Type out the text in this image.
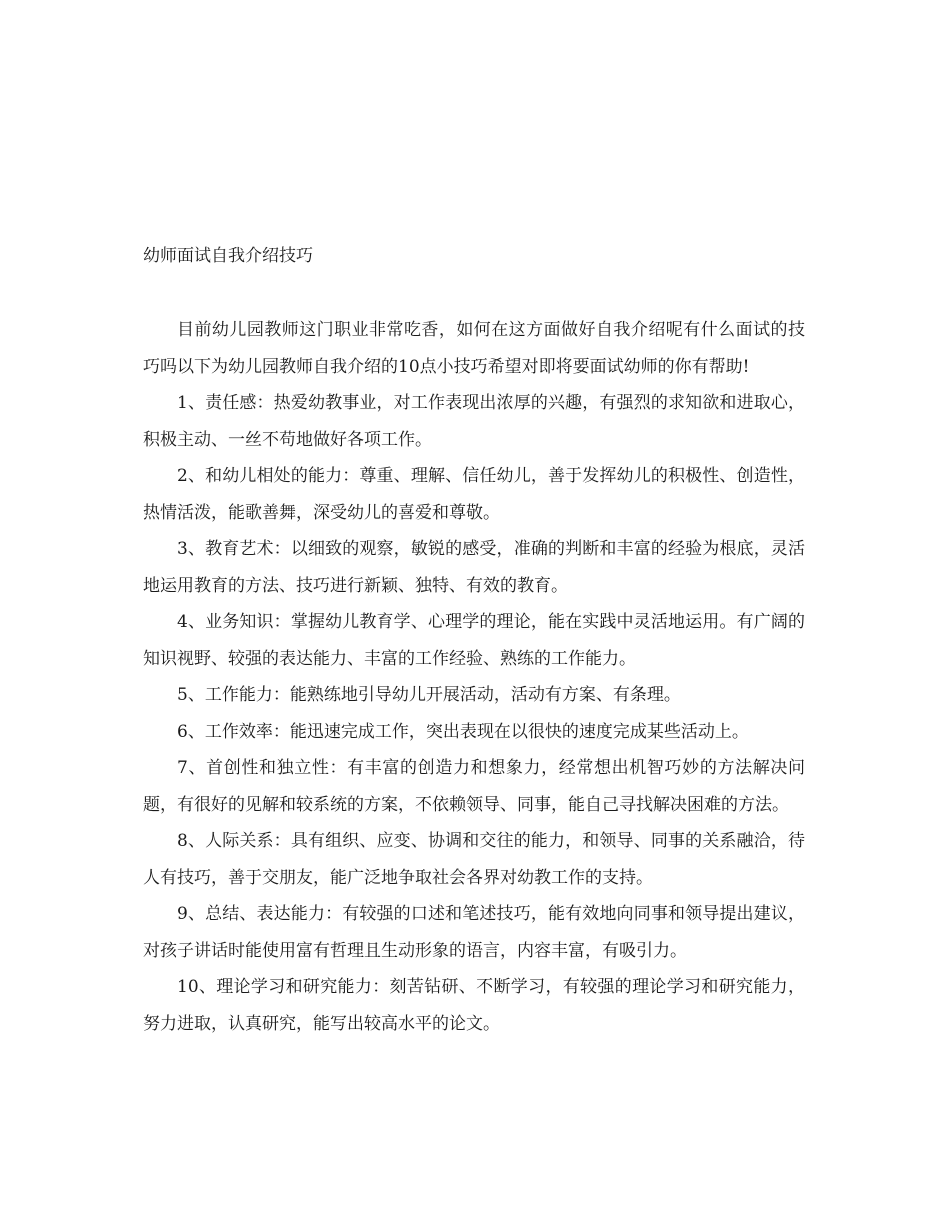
幼师面试自我介绍技巧

目前幼儿园教师这门职业非常吃香，如何在这方面做好自我介绍呢有什么面试的技巧吗以下为幼儿园教师自我介绍的10点小技巧希望对即将要面试幼师的你有帮助!

1、责任感：热爱幼教事业，对工作表现出浓厚的兴趣，有强烈的求知欲和进取心，积极主动、一丝不苟地做好各项工作。

2、和幼儿相处的能力：尊重、理解、信任幼儿，善于发挥幼儿的积极性、创造性，热情活泼，能歌善舞，深受幼儿的喜爱和尊敬。

3、教育艺术：以细致的观察，敏锐的感受，准确的判断和丰富的经验为根底，灵活地运用教育的方法、技巧进行新颖、独特、有效的教育。

4、业务知识：掌握幼儿教育学、心理学的理论，能在实践中灵活地运用。有广阔的知识视野、较强的表达能力、丰富的工作经验、熟练的工作能力。

5、工作能力：能熟练地引导幼儿开展活动，活动有方案、有条理。

6、工作效率：能迅速完成工作，突出表现在以很快的速度完成某些活动上。

7、首创性和独立性：有丰富的创造力和想象力，经常想出机智巧妙的方法解决问题，有很好的见解和较系统的方案，不依赖领导、同事，能自己寻找解决困难的方法。

8、人际关系：具有组织、应变、协调和交往的能力，和领导、同事的关系融洽，待人有技巧，善于交朋友，能广泛地争取社会各界对幼教工作的支持。

9、总结、表达能力：有较强的口述和笔述技巧，能有效地向同事和领导提出建议，对孩子讲话时能使用富有哲理且生动形象的语言，内容丰富，有吸引力。

10、理论学习和研究能力：刻苦钻研、不断学习，有较强的理论学习和研究能力，努力进取，认真研究，能写出较高水平的论文。
